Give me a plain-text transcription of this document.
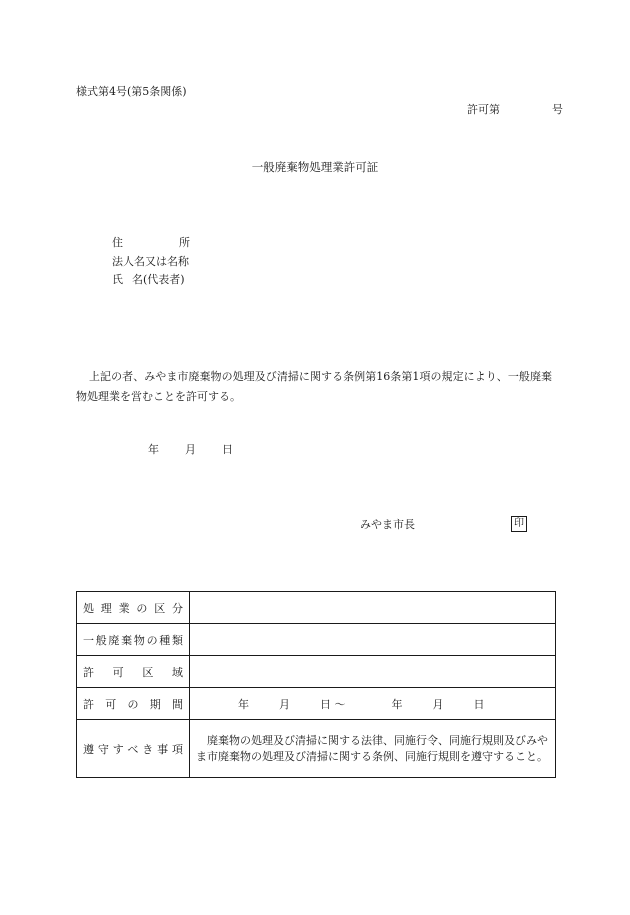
様式第4号(第5条関係)
許可第	号
一般廃棄物処理業許可証
住	所
法人名又は名称
氏 名(代表者)
上記の者、みやま市廃棄物の処理及び清掃に関する条例第16条第1項の規定により、一般廃棄物処理業を営むことを許可する。
年 月 日
みやま市長	印
処理業の区分	
一般廃棄物の種類	
許可区域	
許可の期間	年 月 日 ～ 年 月 日
遵守すべき事項	廃棄物の処理及び清掃に関する法律、同施行令、同施行規則及びみやま市廃棄物の処理及び清掃に関する条例、同施行規則を遵守すること。
